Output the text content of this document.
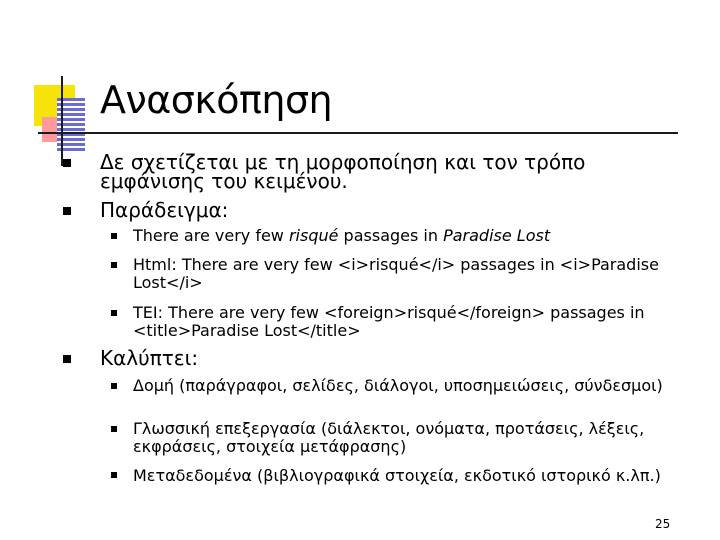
Ανασκόπηση

Δε σχετίζεται με τη μορφοποίηση και τον τρόπο εμφάνισης του κειμένου.

Παράδειγμα:

There are very few risqué passages in Paradise Lost

Html: There are very few <i>risqué</i> passages in <i>Paradise Lost</i>

TEI: There are very few <foreign>risqué</foreign> passages in <title>Paradise Lost</title>

Καλύπτει:

Δομή (παράγραφοι, σελίδες, διάλογοι, υποσημειώσεις, σύνδεσμοι)

Γλωσσική επεξεργασία (διάλεκτοι, ονόματα, προτάσεις, λέξεις, εκφράσεις, στοιχεία μετάφρασης)

Μεταδεδομένα (βιβλιογραφικά στοιχεία, εκδοτικό ιστορικό κ.λπ.)

25
